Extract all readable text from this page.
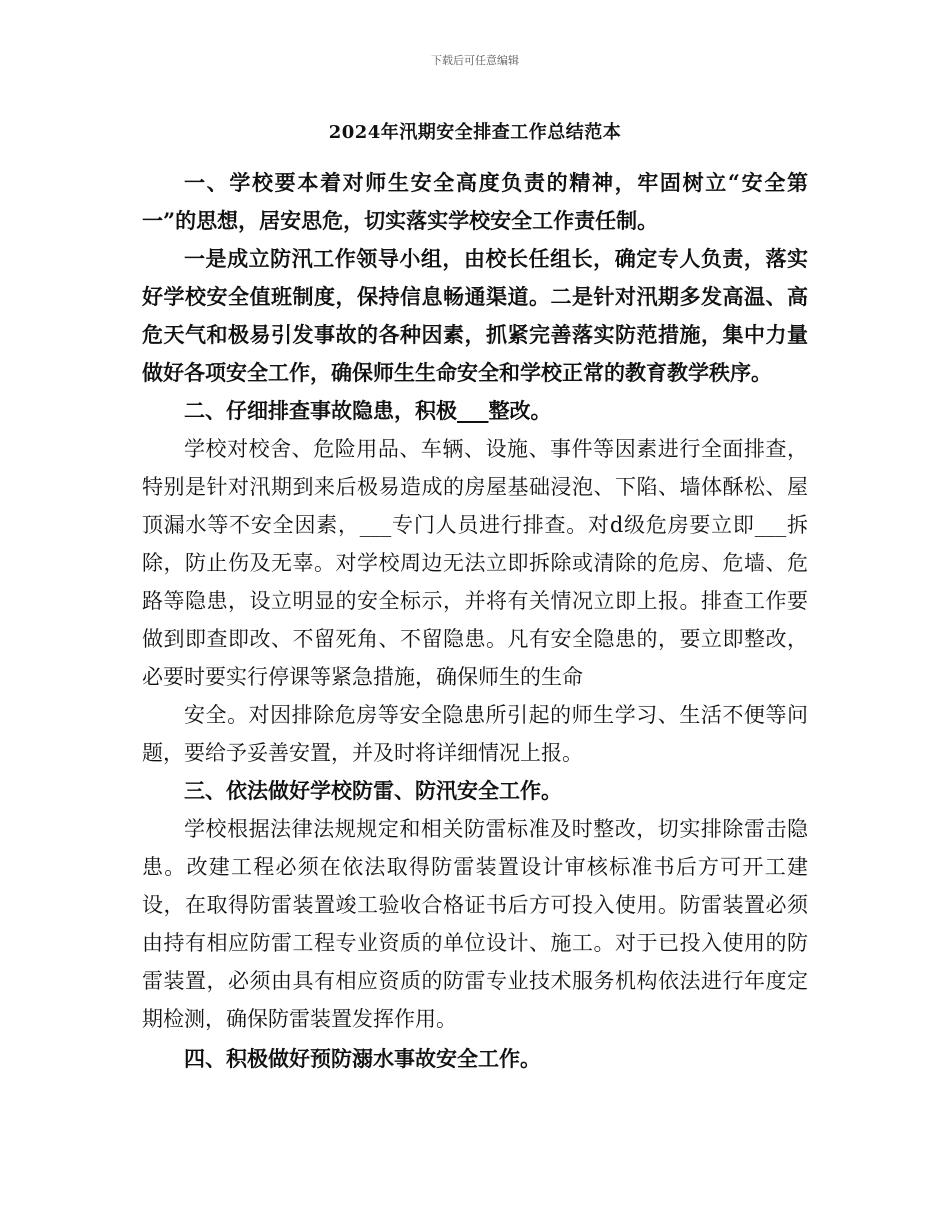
下载后可任意编辑
2024年汛期安全排查工作总结范本

一、学校要本着对师生安全高度负责的精神，牢固树立“安全第一”的思想，居安思危，切实落实学校安全工作责任制。

一是成立防汛工作领导小组，由校长任组长，确定专人负责，落实好学校安全值班制度，保持信息畅通渠道。二是针对汛期多发高温、高危天气和极易引发事故的各种因素，抓紧完善落实防范措施，集中力量做好各项安全工作，确保师生生命安全和学校正常的教育教学秩序。

二、仔细排查事故隐患，积极___整改。

学校对校舍、危险用品、车辆、设施、事件等因素进行全面排查，特别是针对汛期到来后极易造成的房屋基础浸泡、下陷、墙体酥松、屋顶漏水等不安全因素，___专门人员进行排查。对d级危房要立即___拆除，防止伤及无辜。对学校周边无法立即拆除或清除的危房、危墙、危路等隐患，设立明显的安全标示，并将有关情况立即上报。排查工作要做到即查即改、不留死角、不留隐患。凡有安全隐患的，要立即整改，必要时要实行停课等紧急措施，确保师生的生命

安全。对因排除危房等安全隐患所引起的师生学习、生活不便等问题，要给予妥善安置，并及时将详细情况上报。

三、依法做好学校防雷、防汛安全工作。

学校根据法律法规规定和相关防雷标准及时整改，切实排除雷击隐患。改建工程必须在依法取得防雷装置设计审核标准书后方可开工建设，在取得防雷装置竣工验收合格证书后方可投入使用。防雷装置必须由持有相应防雷工程专业资质的单位设计、施工。对于已投入使用的防雷装置，必须由具有相应资质的防雷专业技术服务机构依法进行年度定期检测，确保防雷装置发挥作用。

四、积极做好预防溺水事故安全工作。
